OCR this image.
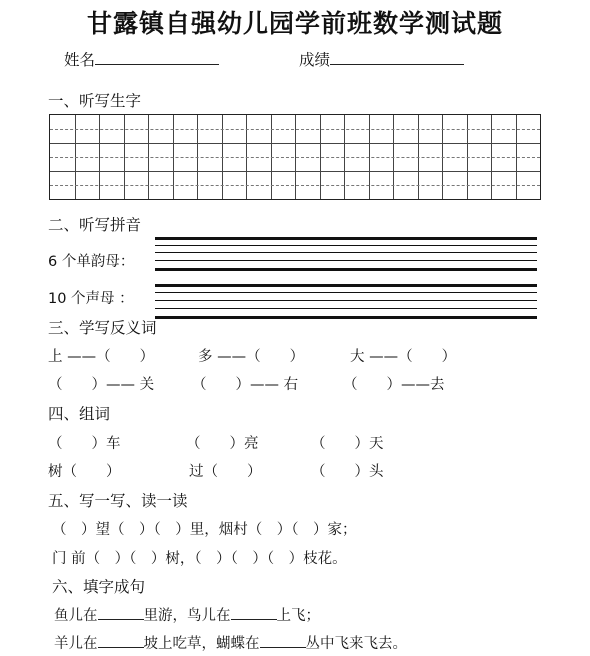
甘露镇自强幼儿园学前班数学测试题
姓名	成绩
一、听写生字
二、听写拼音
6 个单韵母：
10 个声母 ：
三、学写反义词
上 ——（　　）	多 ——（　　）	大 ——（　　）
（　　）—— 关	（　　）—— 右	（　　）——去
四、组词
（　　）车	（　　）亮	（　　）天
树（　　）	过（　　）	（　　）头
五、写一写、读一读
（　）望（　）（　）里，烟村（　）（　）家；
门 前（　）（　）树，（　）（　）（　）枝花。
六、填字成句
鱼儿在	里游，鸟儿在	上飞；
羊儿在	坡上吃草，蝴蝶在	丛中飞来飞去。
